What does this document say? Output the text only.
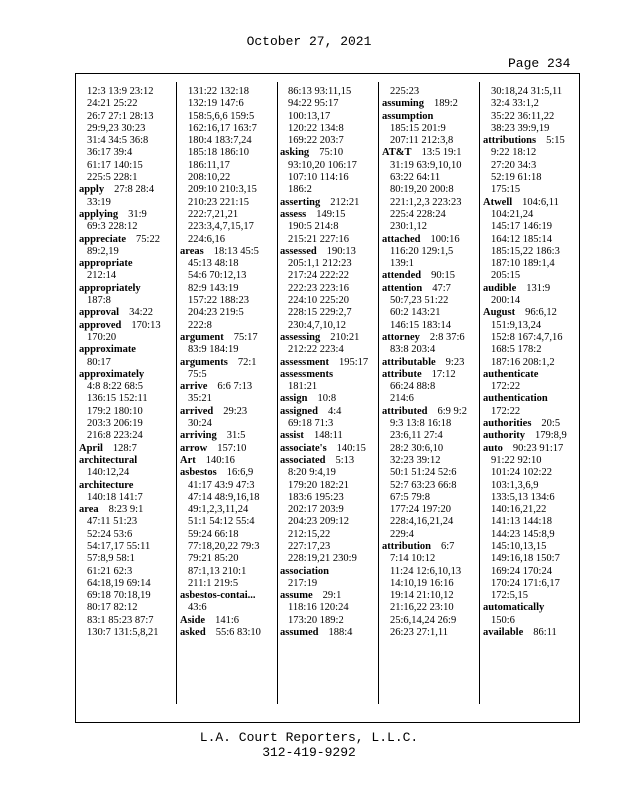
October 27, 2021
Page 234
12:3 13:9 23:12
24:21 25:22
26:7 27:1 28:13
29:9,23 30:23
31:4 34:5 36:8
36:17 39:4
61:17 140:15
225:5 228:1
apply 27:8 28:4
33:19
applying 31:9
69:3 228:12
appreciate 75:22
89:2,19
appropriate
212:14
appropriately
187:8
approval 34:22
approved 170:13
170:20
approximate
80:17
approximately
4:8 8:22 68:5
136:15 152:11
179:2 180:10
203:3 206:19
216:8 223:24
April 128:7
architectural
140:12,24
architecture
140:18 141:7
area 8:23 9:1
47:11 51:23
52:24 53:6
54:17,17 55:11
57:8,9 58:1
61:21 62:3
64:18,19 69:14
69:18 70:18,19
80:17 82:12
83:1 85:23 87:7
130:7 131:5,8,21
131:22 132:18
132:19 147:6
158:5,6,6 159:5
162:16,17 163:7
180:4 183:7,24
185:18 186:10
186:11,17
208:10,22
209:10 210:3,15
210:23 221:15
222:7,21,21
223:3,4,7,15,17
224:6,16
areas 18:13 45:5
45:13 48:18
54:6 70:12,13
82:9 143:19
157:22 188:23
204:23 219:5
222:8
argument 75:17
83:9 184:19
arguments 72:1
75:5
arrive 6:6 7:13
35:21
arrived 29:23
30:24
arriving 31:5
arrow 157:10
Art 140:16
asbestos 16:6,9
41:17 43:9 47:3
47:14 48:9,16,18
49:1,2,3,11,24
51:1 54:12 55:4
59:24 66:18
77:18,20,22 79:3
79:21 85:20
87:1,13 210:1
211:1 219:5
asbestos-contai...
43:6
Aside 141:6
asked 55:6 83:10
86:13 93:11,15
94:22 95:17
100:13,17
120:22 134:8
169:22 203:7
asking 75:10
93:10,20 106:17
107:10 114:16
186:2
asserting 212:21
assess 149:15
190:5 214:8
215:21 227:16
assessed 190:13
205:1,1 212:23
217:24 222:22
222:23 223:16
224:10 225:20
228:15 229:2,7
230:4,7,10,12
assessing 210:21
212:22 223:4
assessment 195:17
assessments
181:21
assign 10:8
assigned 4:4
69:18 71:3
assist 148:11
associate's 140:15
associated 5:13
8:20 9:4,19
179:20 182:21
183:6 195:23
202:17 203:9
204:23 209:12
212:15,22
227:17,23
228:19,21 230:9
association
217:19
assume 29:1
118:16 120:24
173:20 189:2
assumed 188:4
225:23
assuming 189:2
assumption
185:15 201:9
207:11 212:3,8
AT&T 13:5 19:1
31:19 63:9,10,10
63:22 64:11
80:19,20 200:8
221:1,2,3 223:23
225:4 228:24
230:1,12
attached 100:16
116:20 129:1,5
139:1
attended 90:15
attention 47:7
50:7,23 51:22
60:2 143:21
146:15 183:14
attorney 2:8 37:6
83:8 203:4
attributable 9:23
attribute 17:12
66:24 88:8
214:6
attributed 6:9 9:2
9:3 13:8 16:18
23:6,11 27:4
28:2 30:6,10
32:23 39:12
50:1 51:24 52:6
52:7 63:23 66:8
67:5 79:8
177:24 197:20
228:4,16,21,24
229:4
attribution 6:7
7:14 10:12
11:24 12:6,10,13
14:10,19 16:16
19:14 21:10,12
21:16,22 23:10
25:6,14,24 26:9
26:23 27:1,11
30:18,24 31:5,11
32:4 33:1,2
35:22 36:11,22
38:23 39:9,19
attributions 5:15
9:22 18:12
27:20 34:3
52:19 61:18
175:15
Atwell 104:6,11
104:21,24
145:17 146:19
164:12 185:14
185:15,22 186:3
187:10 189:1,4
205:15
audible 131:9
200:14
August 96:6,12
151:9,13,24
152:8 167:4,7,16
168:5 178:2
187:16 208:1,2
authenticate
172:22
authentication
172:22
authorities 20:5
authority 179:8,9
auto 90:23 91:17
91:22 92:10
101:24 102:22
103:1,3,6,9
133:5,13 134:6
140:16,21,22
141:13 144:18
144:23 145:8,9
145:10,13,15
149:16,18 150:7
169:24 170:24
170:24 171:6,17
172:5,15
automatically
150:6
available 86:11
L.A. Court Reporters, L.L.C.
312-419-9292
